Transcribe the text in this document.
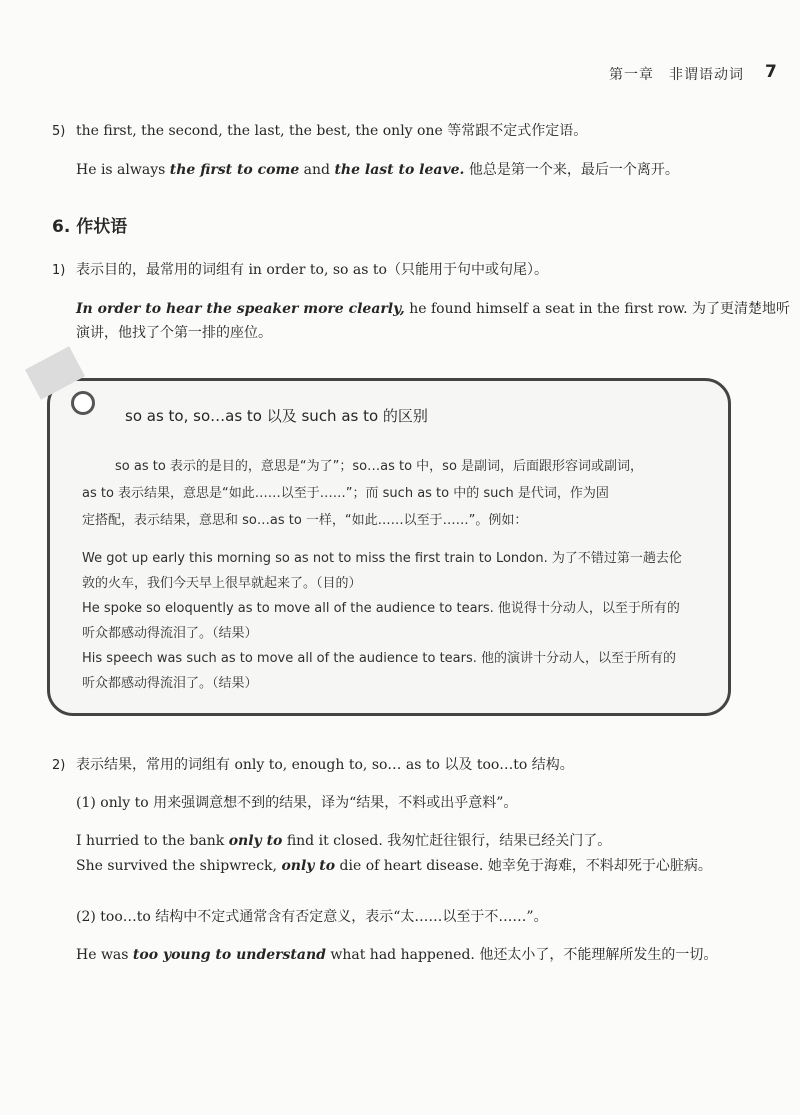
第一章　非谓语动词 7
5) the first, the second, the last, the best, the only one 等常跟不定式作定语。
He is always the first to come and the last to leave. 他总是第一个来，最后一个离开。
6. 作状语
1) 表示目的，最常用的词组有 in order to, so as to（只能用于句中或句尾）。
In order to hear the speaker more clearly, he found himself a seat in the first row. 为了更清楚地听
演讲，他找了个第一排的座位。
so as to, so…as to 以及 such as to 的区别
so as to 表示的是目的，意思是“为了”；so…as to 中，so 是副词，后面跟形容词或副词，
as to 表示结果，意思是“如此……以至于……”；而 such as to 中的 such 是代词，作为固
定搭配，表示结果，意思和 so…as to 一样，“如此……以至于……”。例如：
We got up early this morning so as not to miss the first train to London. 为了不错过第一趟去伦
敦的火车，我们今天早上很早就起来了。（目的）
He spoke so eloquently as to move all of the audience to tears. 他说得十分动人，以至于所有的
听众都感动得流泪了。（结果）
His speech was such as to move all of the audience to tears. 他的演讲十分动人，以至于所有的
听众都感动得流泪了。（结果）
2) 表示结果，常用的词组有 only to, enough to, so… as to 以及 too…to 结构。
(1) only to 用来强调意想不到的结果，译为“结果，不料或出乎意料”。
I hurried to the bank only to find it closed. 我匆忙赶往银行，结果已经关门了。
She survived the shipwreck, only to die of heart disease. 她幸免于海难，不料却死于心脏病。
(2) too…to 结构中不定式通常含有否定意义，表示“太……以至于不……”。
He was too young to understand what had happened. 他还太小了，不能理解所发生的一切。
